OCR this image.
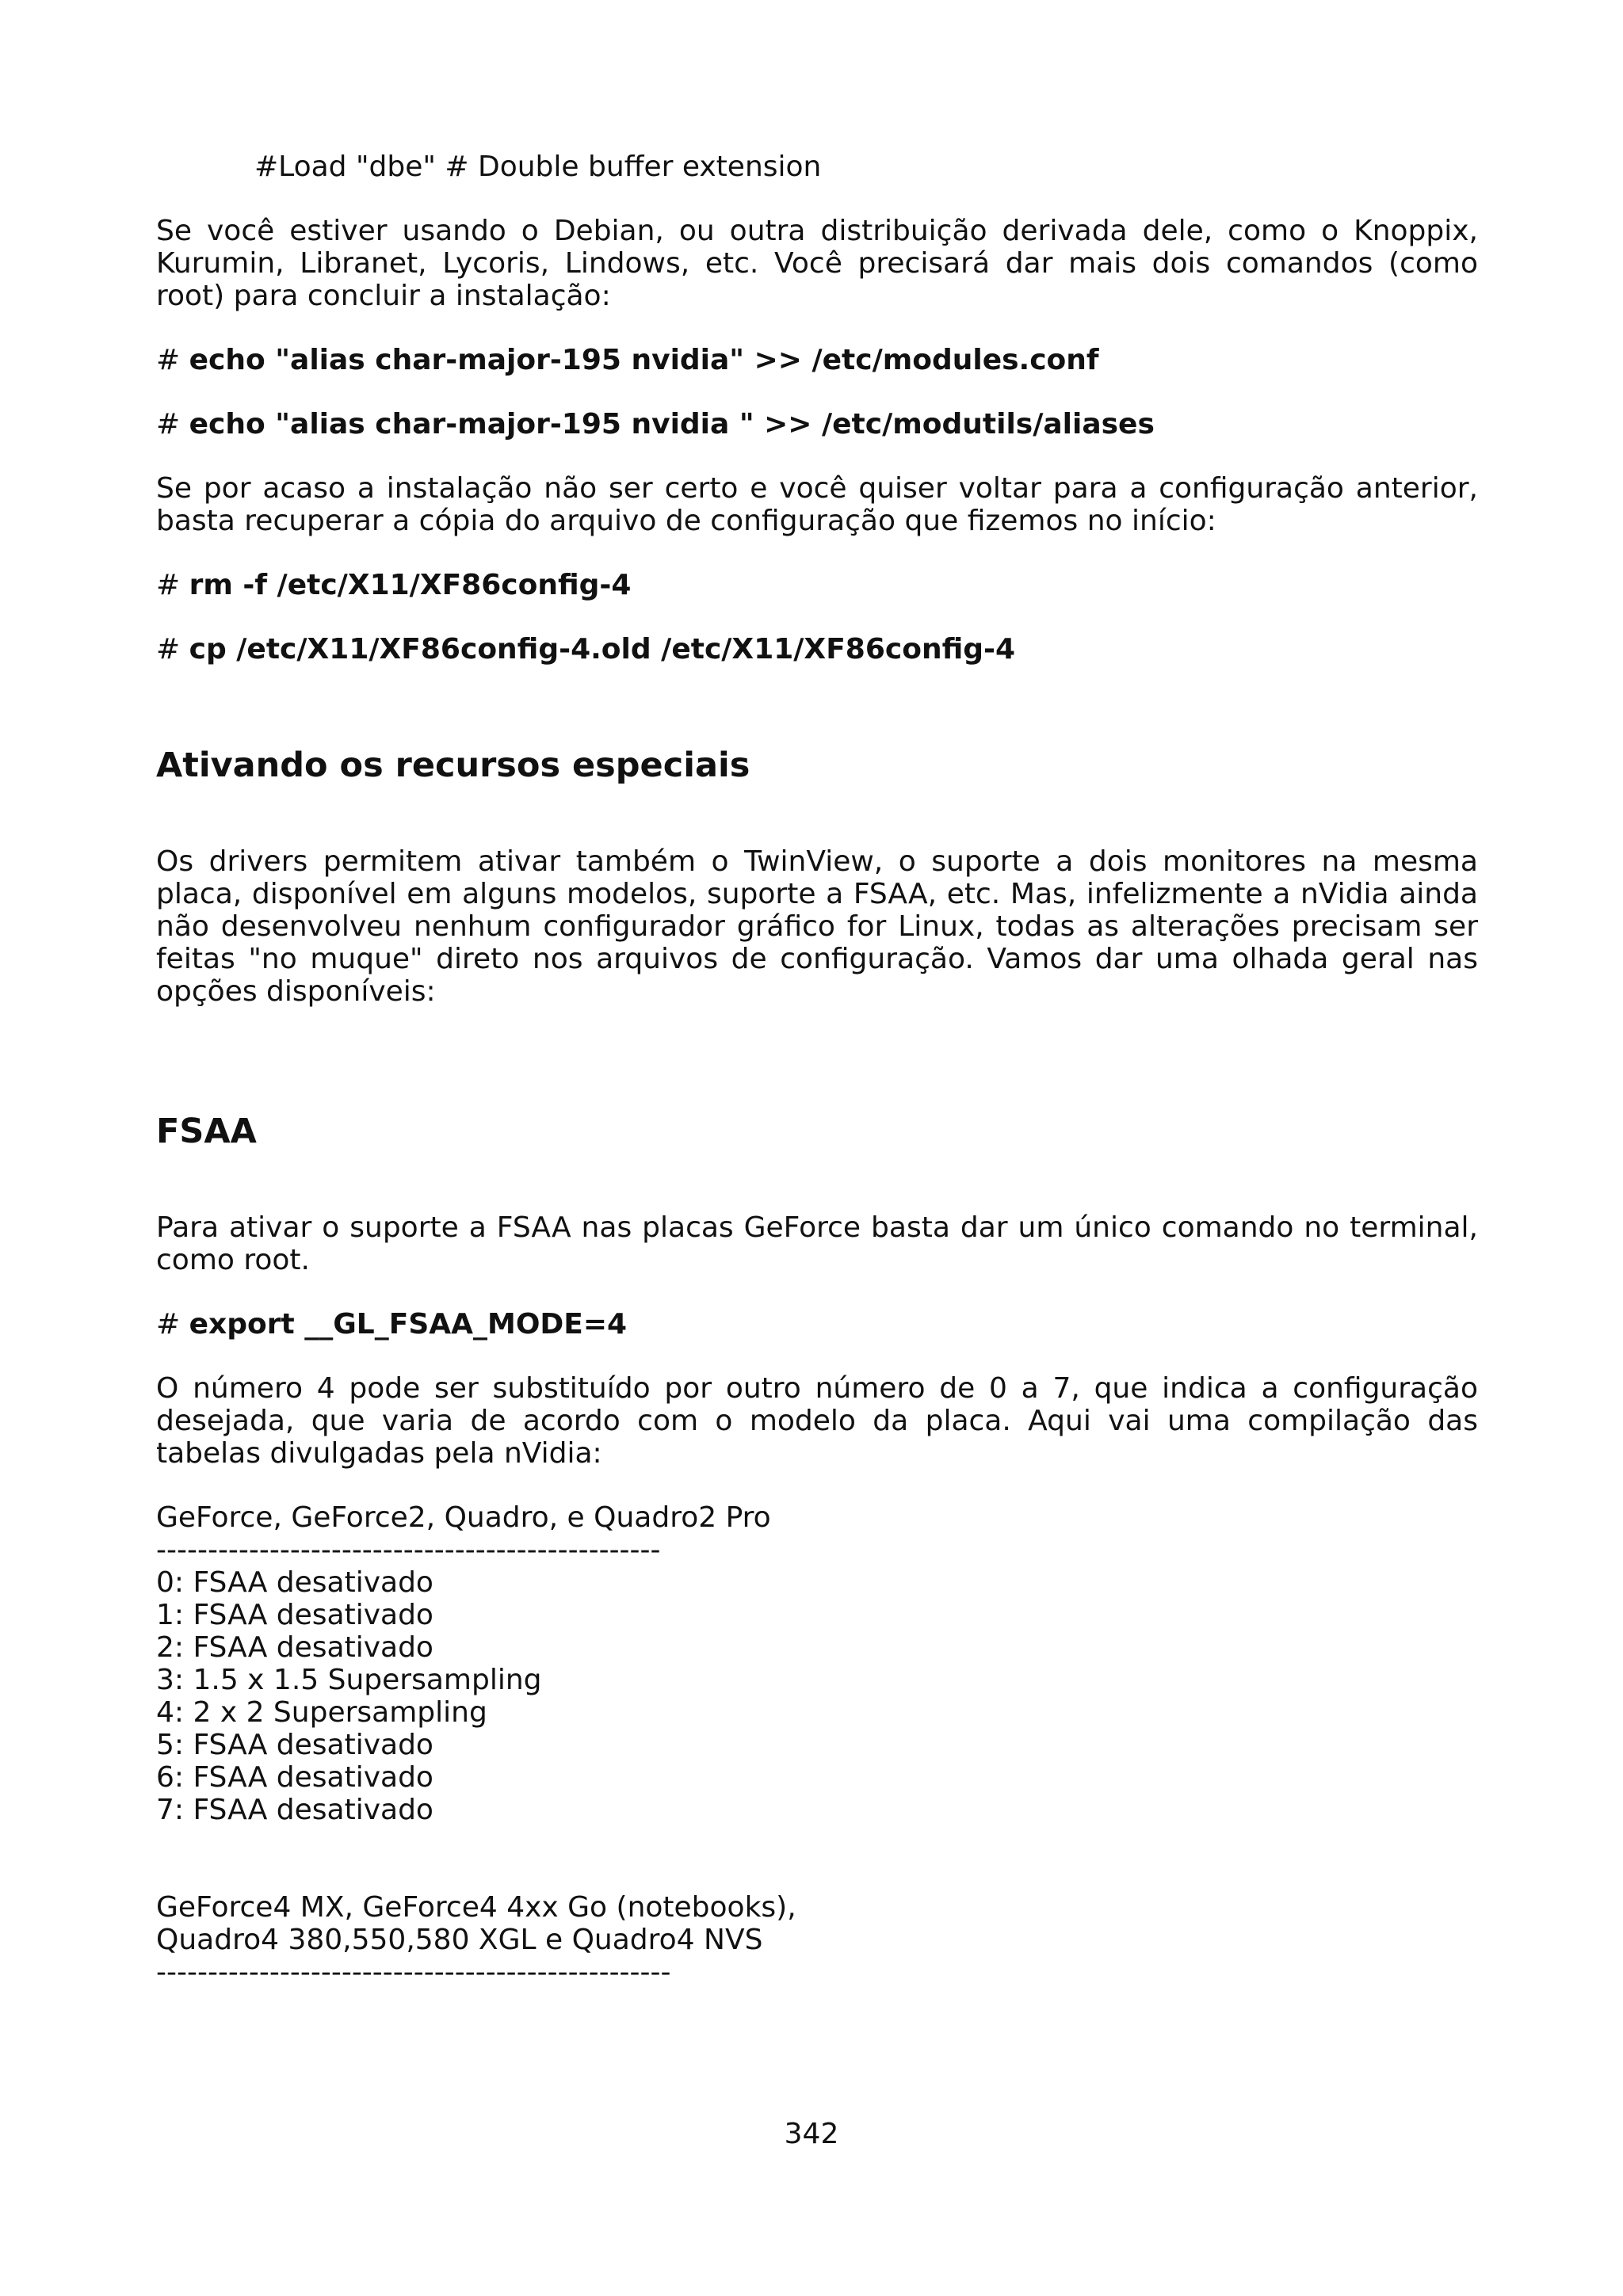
#Load "dbe" # Double buffer extension

Se você estiver usando o Debian, ou outra distribuição derivada dele, como o Knoppix, Kurumin, Libranet, Lycoris, Lindows, etc. Você precisará dar mais dois comandos (como root) para concluir a instalação:

# echo "alias char-major-195 nvidia" >> /etc/modules.conf

# echo "alias char-major-195 nvidia " >> /etc/modutils/aliases

Se por acaso a instalação não ser certo e você quiser voltar para a configuração anterior, basta recuperar a cópia do arquivo de configuração que fizemos no início:

# rm -f /etc/X11/XF86config-4

# cp /etc/X11/XF86config-4.old /etc/X11/XF86config-4

Ativando os recursos especiais

Os drivers permitem ativar também o TwinView, o suporte a dois monitores na mesma placa, disponível em alguns modelos, suporte a FSAA, etc. Mas, infelizmente a nVidia ainda não desenvolveu nenhum configurador gráfico for Linux, todas as alterações precisam ser feitas "no muque" direto nos arquivos de configuração. Vamos dar uma olhada geral nas opções disponíveis:

FSAA

Para ativar o suporte a FSAA nas placas GeForce basta dar um único comando no terminal, como root.

# export __GL_FSAA_MODE=4

O número 4 pode ser substituído por outro número de 0 a 7, que indica a configuração desejada, que varia de acordo com o modelo da placa. Aqui vai uma compilação das tabelas divulgadas pela nVidia:

GeForce, GeForce2, Quadro, e Quadro2 Pro
-------------------------------------------------
0: FSAA desativado
1: FSAA desativado
2: FSAA desativado
3: 1.5 x 1.5 Supersampling
4: 2 x 2 Supersampling
5: FSAA desativado
6: FSAA desativado
7: FSAA desativado
GeForce4 MX, GeForce4 4xx Go (notebooks),
Quadro4 380,550,580 XGL e Quadro4 NVS
--------------------------------------------------
342
